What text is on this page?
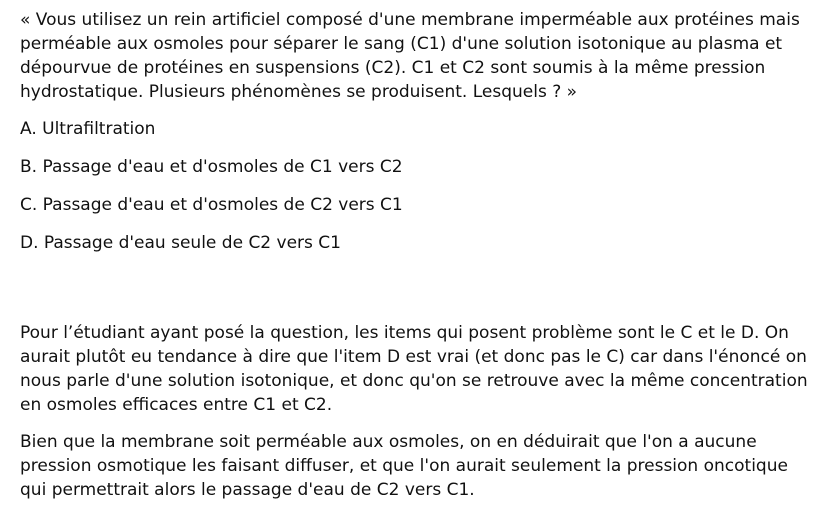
« Vous utilisez un rein artificiel composé d'une membrane imperméable aux protéines mais perméable aux osmoles pour séparer le sang (C1) d'une solution isotonique au plasma et dépourvue de protéines en suspensions (C2). C1 et C2 sont soumis à la même pression hydrostatique. Plusieurs phénomènes se produisent. Lesquels ? »

A. Ultrafiltration

B. Passage d'eau et d'osmoles de C1 vers C2

C. Passage d'eau et d'osmoles de C2 vers C1

D. Passage d'eau seule de C2 vers C1

Pour l’étudiant ayant posé la question, les items qui posent problème sont le C et le D. On aurait plutôt eu tendance à dire que l'item D est vrai (et donc pas le C) car dans l'énoncé on nous parle d'une solution isotonique, et donc qu'on se retrouve avec la même concentration en osmoles efficaces entre C1 et C2.

Bien que la membrane soit perméable aux osmoles, on en déduirait que l'on a aucune pression osmotique les faisant diffuser, et que l'on aurait seulement la pression oncotique qui permettrait alors le passage d'eau de C2 vers C1.
